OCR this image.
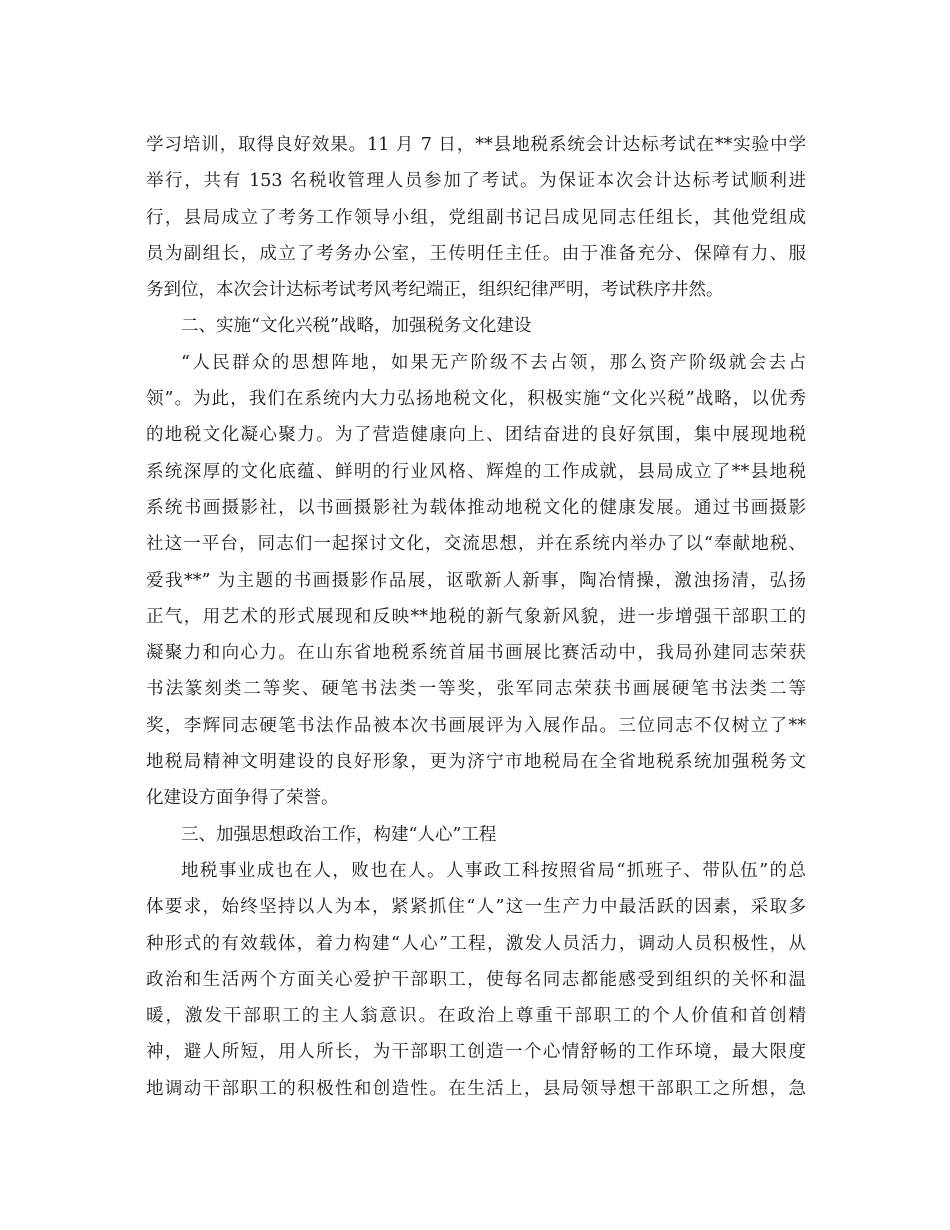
学习培训，取得良好效果。11 月 7 日，**县地税系统会计达标考试在**实验中学
举行，共有 153 名税收管理人员参加了考试。为保证本次会计达标考试顺利进
行，县局成立了考务工作领导小组，党组副书记吕成见同志任组长，其他党组成
员为副组长，成立了考务办公室，王传明任主任。由于准备充分、保障有力、服
务到位，本次会计达标考试考风考纪端正，组织纪律严明，考试秩序井然。
二、实施“文化兴税”战略，加强税务文化建设
“人民群众的思想阵地，如果无产阶级不去占领，那么资产阶级就会去占
领”。为此，我们在系统内大力弘扬地税文化，积极实施“文化兴税”战略，以优秀
的地税文化凝心聚力。为了营造健康向上、团结奋进的良好氛围，集中展现地税
系统深厚的文化底蕴、鲜明的行业风格、辉煌的工作成就，县局成立了**县地税
系统书画摄影社，以书画摄影社为载体推动地税文化的健康发展。通过书画摄影
社这一平台，同志们一起探讨文化，交流思想，并在系统内举办了以“奉献地税、
爱我**” 为主题的书画摄影作品展，讴歌新人新事，陶冶情操，激浊扬清，弘扬
正气，用艺术的形式展现和反映**地税的新气象新风貌，进一步增强干部职工的
凝聚力和向心力。在山东省地税系统首届书画展比赛活动中，我局孙建同志荣获
书法篆刻类二等奖、硬笔书法类一等奖，张军同志荣获书画展硬笔书法类二等
奖，李辉同志硬笔书法作品被本次书画展评为入展作品。三位同志不仅树立了**
地税局精神文明建设的良好形象，更为济宁市地税局在全省地税系统加强税务文
化建设方面争得了荣誉。
三、加强思想政治工作，构建“人心”工程
地税事业成也在人，败也在人。人事政工科按照省局“抓班子、带队伍”的总
体要求，始终坚持以人为本，紧紧抓住“人”这一生产力中最活跃的因素，采取多
种形式的有效载体，着力构建“人心”工程，激发人员活力，调动人员积极性，从
政治和生活两个方面关心爱护干部职工，使每名同志都能感受到组织的关怀和温
暖，激发干部职工的主人翁意识。在政治上尊重干部职工的个人价值和首创精
神，避人所短，用人所长，为干部职工创造一个心情舒畅的工作环境，最大限度
地调动干部职工的积极性和创造性。在生活上，县局领导想干部职工之所想，急
